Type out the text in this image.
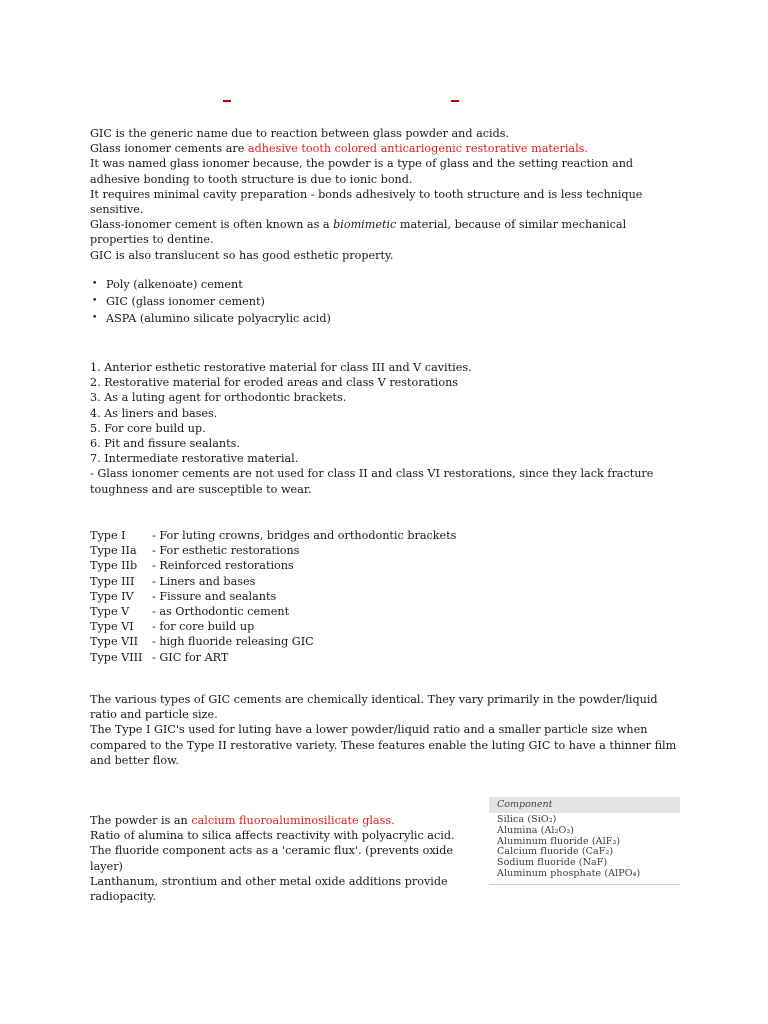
GIC is the generic name due to reaction between glass powder and acids.

Glass ionomer cements are adhesive tooth colored anticariogenic restorative materials.

It was named glass ionomer because, the powder is a type of glass and the setting reaction and adhesive bonding to tooth structure is due to ionic bond.

It requires minimal cavity preparation - bonds adhesively to tooth structure and is less technique sensitive.

Glass-ionomer cement is often known as a biomimetic material, because of similar mechanical properties to dentine.

GIC is also translucent so has good esthetic property.

• Poly (alkenoate) cement
• GIC (glass ionomer cement)
• ASPA (alumino silicate polyacrylic acid)

1. Anterior esthetic restorative material for class III and V cavities.

2. Restorative material for eroded areas and class V restorations

3. As a luting agent for orthodontic brackets.

4. As liners and bases.

5. For core build up.

6. Pit and fissure sealants.

7. Intermediate restorative material.

- Glass ionomer cements are not used for class II and class VI restorations, since they lack fracture toughness and are susceptible to wear.

Type I	- For luting crowns, bridges and orthodontic brackets
Type IIa	- For esthetic restorations
Type IIb	- Reinforced restorations
Type III	- Liners and bases
Type IV	- Fissure and sealants
Type V	- as Orthodontic cement
Type VI	- for core build up
Type VII	- high fluoride releasing GIC
Type VIII - GIC for ART

The various types of GIC cements are chemically identical. They vary primarily in the powder/liquid ratio and particle size.

The Type I GIC's used for luting have a lower powder/liquid ratio and a smaller particle size when compared to the Type II restorative variety. These features enable the luting GIC to have a thinner film and better flow.

The powder is an calcium fluoroaluminosilicate glass.

Ratio of alumina to silica affects reactivity with polyacrylic acid.

The fluoride component acts as a 'ceramic flux'. (prevents oxide layer)

Lanthanum, strontium and other metal oxide additions provide radiopacity.

Component
Silica (SiO₂)
Alumina (Al₂O₃)
Aluminum fluoride (AlF₃)
Calcium fluoride (CaF₂)
Sodium fluoride (NaF)
Aluminum phosphate (AlPO₄)
